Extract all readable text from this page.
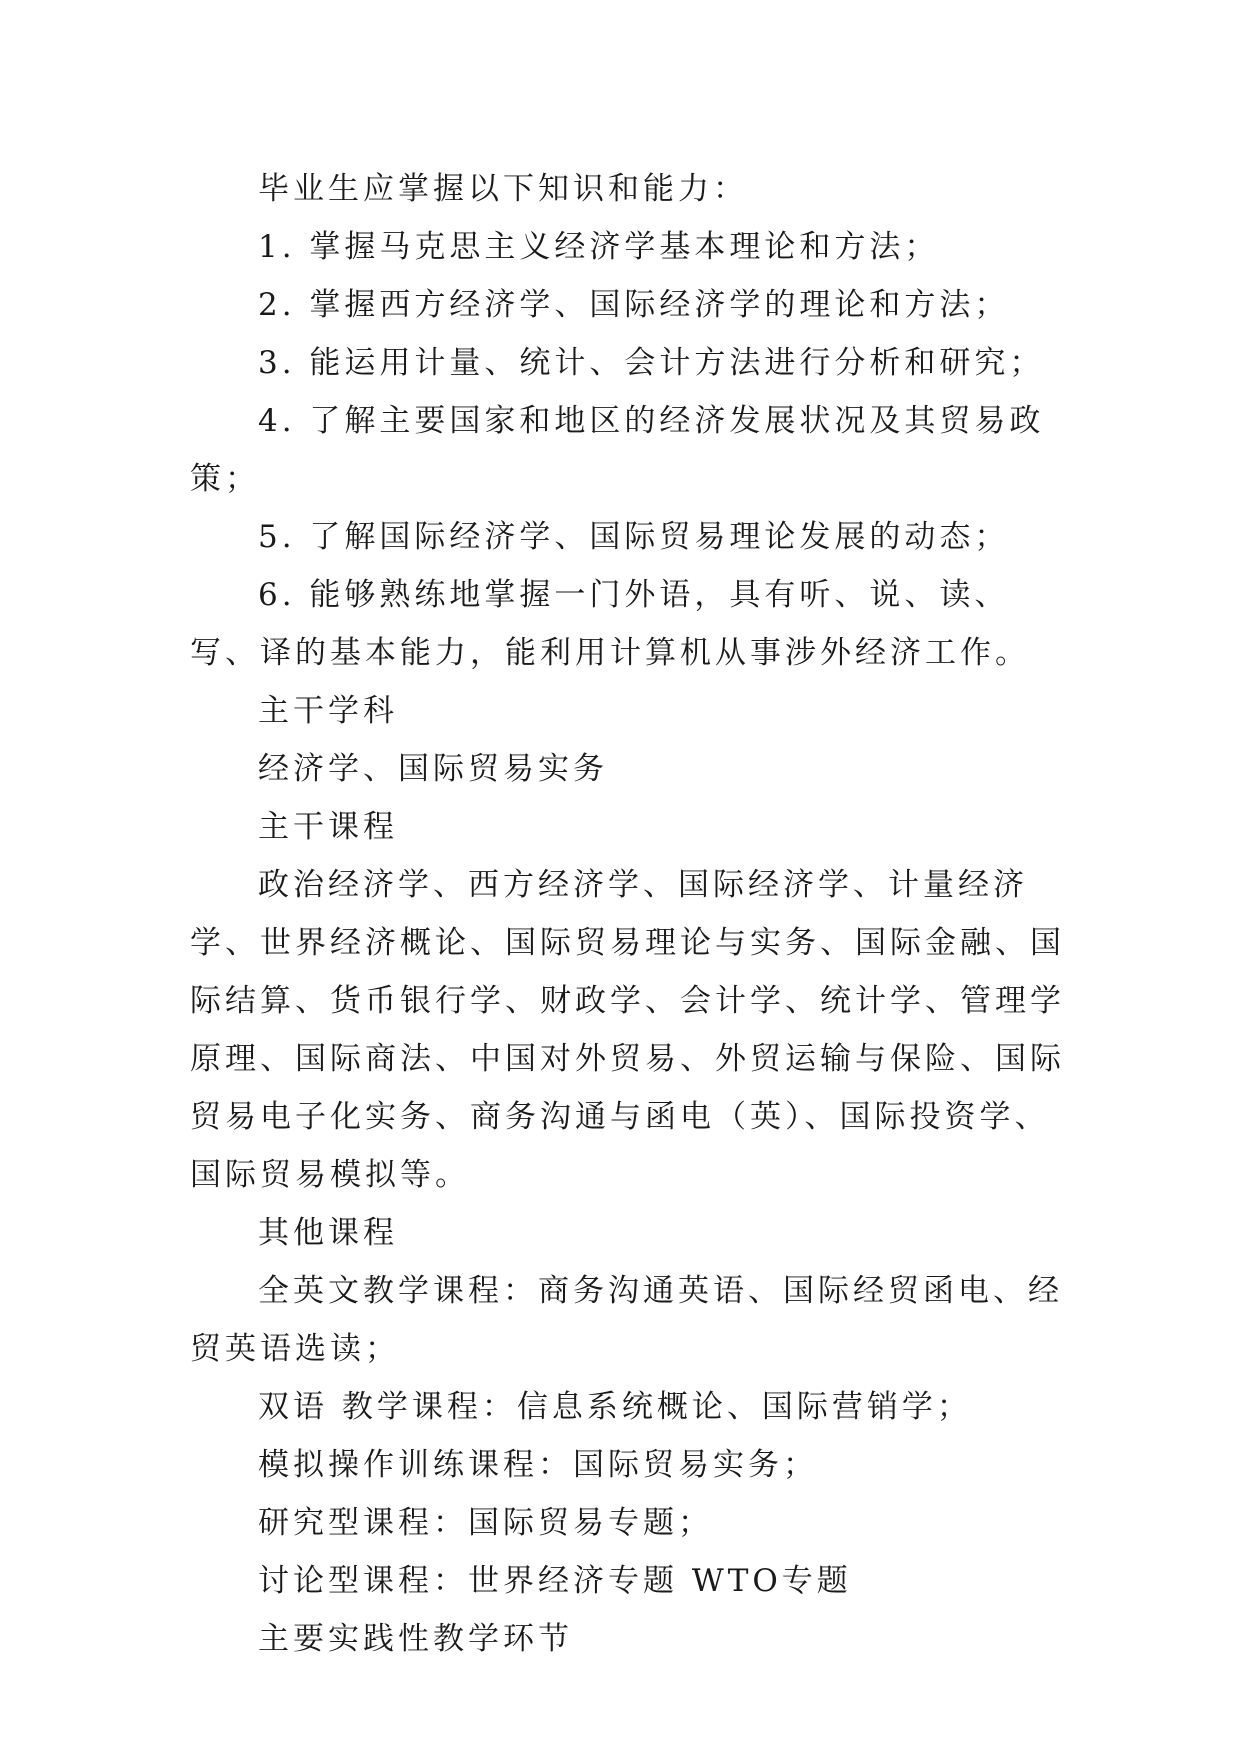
毕业生应掌握以下知识和能力：

1. 掌握马克思主义经济学基本理论和方法；

2. 掌握西方经济学、国际经济学的理论和方法；

3. 能运用计量、统计、会计方法进行分析和研究；

4. 了解主要国家和地区的经济发展状况及其贸易政策；

5. 了解国际经济学、国际贸易理论发展的动态；

6. 能够熟练地掌握一门外语，具有听、说、读、写、译的基本能力，能利用计算机从事涉外经济工作。

主干学科

经济学、国际贸易实务

主干课程

政治经济学、西方经济学、国际经济学、计量经济学、世界经济概论、国际贸易理论与实务、国际金融、国际结算、货币银行学、财政学、会计学、统计学、管理学原理、国际商法、中国对外贸易、外贸运输与保险、国际贸易电子化实务、商务沟通与函电（英）、国际投资学、国际贸易模拟等。

其他课程

全英文教学课程：商务沟通英语、国际经贸函电、经贸英语选读；

双语 教学课程：信息系统概论、国际营销学；

模拟操作训练课程：国际贸易实务；

研究型课程：国际贸易专题；

讨论型课程：世界经济专题 WTO专题

主要实践性教学环节
